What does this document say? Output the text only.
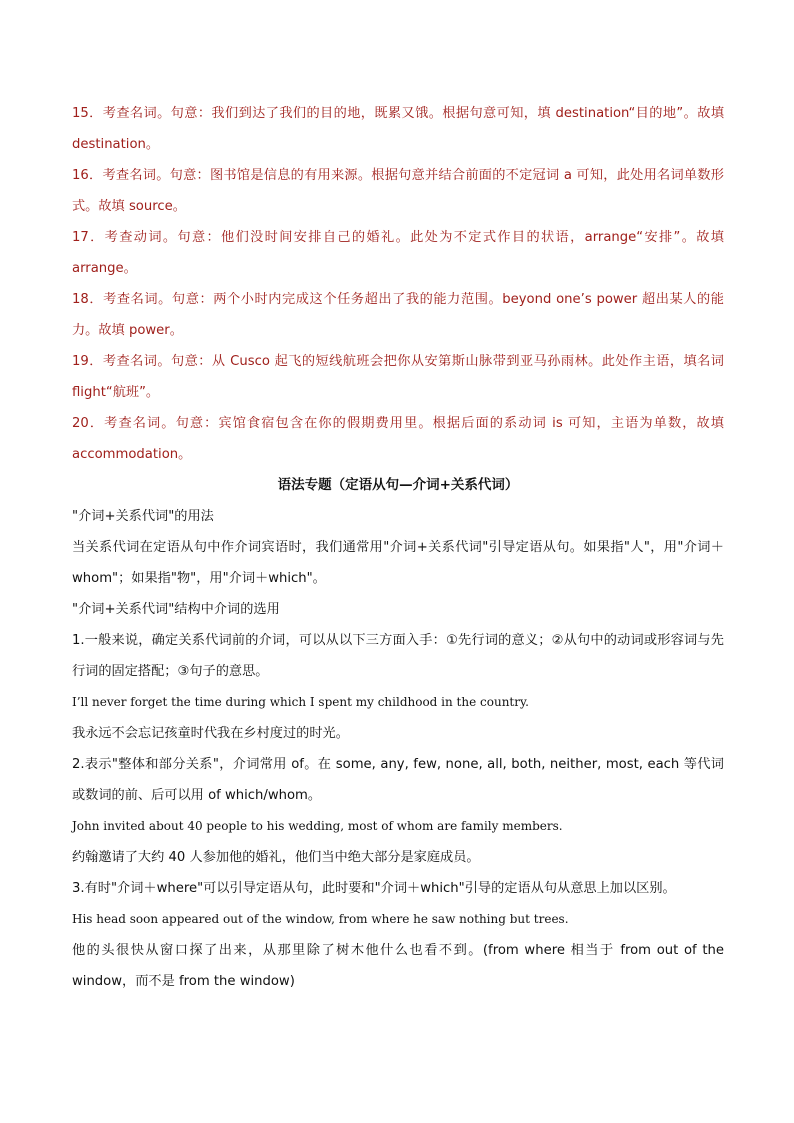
15．考查名词。句意：我们到达了我们的目的地，既累又饿。根据句意可知，填 destination“目的地”。故填 destination。

16．考查名词。句意：图书馆是信息的有用来源。根据句意并结合前面的不定冠词 a 可知，此处用名词单数形式。故填 source。

17．考查动词。句意：他们没时间安排自己的婚礼。此处为不定式作目的状语，arrange“安排”。故填 arrange。

18．考查名词。句意：两个小时内完成这个任务超出了我的能力范围。beyond one’s power 超出某人的能力。故填 power。

19．考查名词。句意：从 Cusco 起飞的短线航班会把你从安第斯山脉带到亚马孙雨林。此处作主语，填名词 flight“航班”。

20．考查名词。句意：宾馆食宿包含在你的假期费用里。根据后面的系动词 is 可知，主语为单数，故填 accommodation。

语法专题（定语从句—介词+关系代词）

"介词+关系代词"的用法

当关系代词在定语从句中作介词宾语时，我们通常用"介词+关系代词"引导定语从句。如果指"人"，用"介词＋whom"；如果指"物"，用"介词＋which"。

"介词+关系代词"结构中介词的选用

1.一般来说，确定关系代词前的介词，可以从以下三方面入手：①先行词的意义；②从句中的动词或形容词与先行词的固定搭配；③句子的意思。

I’ll never forget the time during which I spent my childhood in the country.

我永远不会忘记孩童时代我在乡村度过的时光。

2.表示"整体和部分关系"，介词常用 of。在 some, any, few, none, all, both, neither, most, each 等代词或数词的前、后可以用 of which/whom。

John invited about 40 people to his wedding, most of whom are family members.

约翰邀请了大约 40 人参加他的婚礼，他们当中绝大部分是家庭成员。

3.有时"介词＋where"可以引导定语从句，此时要和"介词＋which"引导的定语从句从意思上加以区别。

His head soon appeared out of the window, from where he saw nothing but trees.

他的头很快从窗口探了出来，从那里除了树木他什么也看不到。(from where 相当于 from out of the window，而不是 from the window)
